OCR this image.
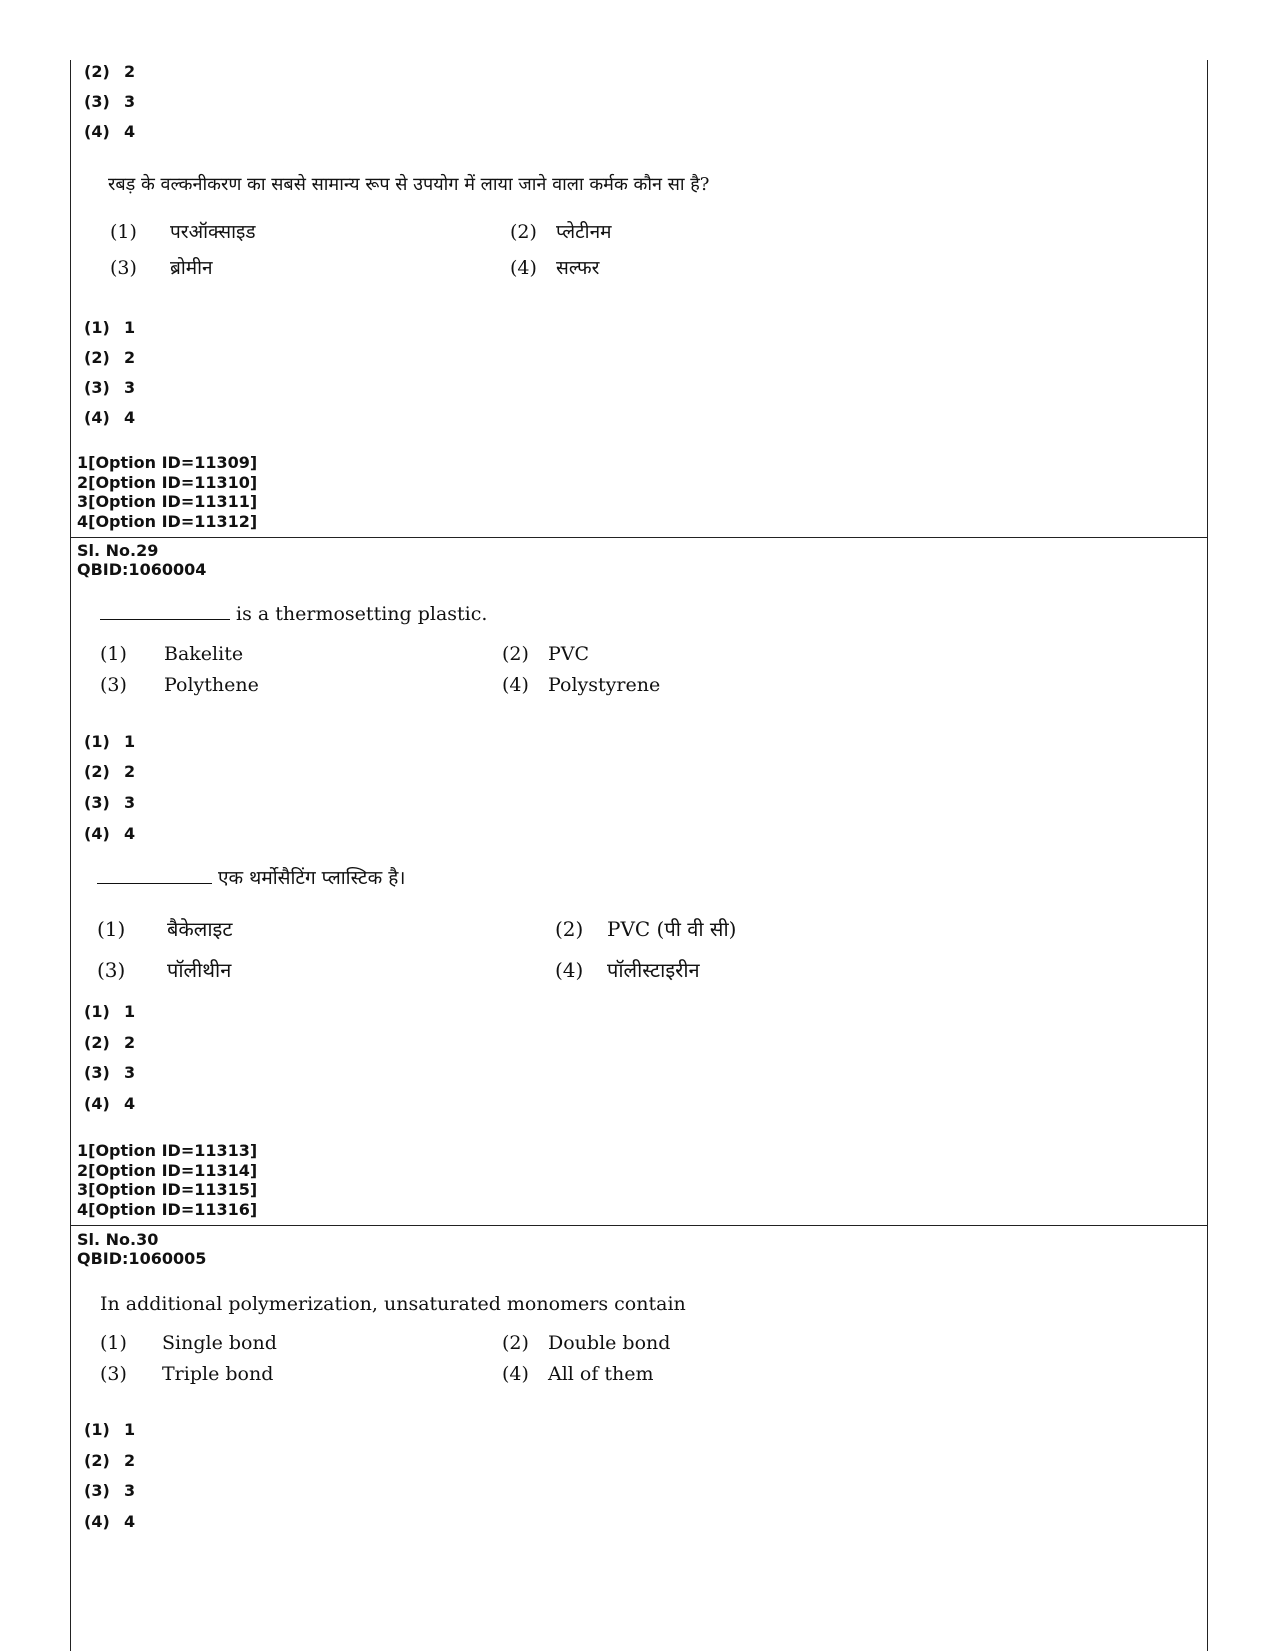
(2) 2
(3) 3
(4) 4
रबड़ के वल्कनीकरण का सबसे सामान्य रूप से उपयोग में लाया जाने वाला कर्मक कौन सा है?
(1) परऑक्साइड	(2) प्लेटीनम
(3) ब्रोमीन	(4) सल्फर
(1) 1
(2) 2
(3) 3
(4) 4
1[Option ID=11309]
2[Option ID=11310]
3[Option ID=11311]
4[Option ID=11312]
Sl. No.29
QBID:1060004
is a thermosetting plastic.
(1) Bakelite	(2) PVC
(3) Polythene	(4) Polystyrene
(1) 1
(2) 2
(3) 3
(4) 4
एक थर्मोसैटिंग प्लास्टिक है।
(1) बैकेलाइट	(2) PVC (पी वी सी)
(3) पॉलीथीन	(4) पॉलीस्टाइरीन
(1) 1
(2) 2
(3) 3
(4) 4
1[Option ID=11313]
2[Option ID=11314]
3[Option ID=11315]
4[Option ID=11316]
Sl. No.30
QBID:1060005
In additional polymerization, unsaturated monomers contain
(1) Single bond	(2) Double bond
(3) Triple bond	(4) All of them
(1) 1
(2) 2
(3) 3
(4) 4
